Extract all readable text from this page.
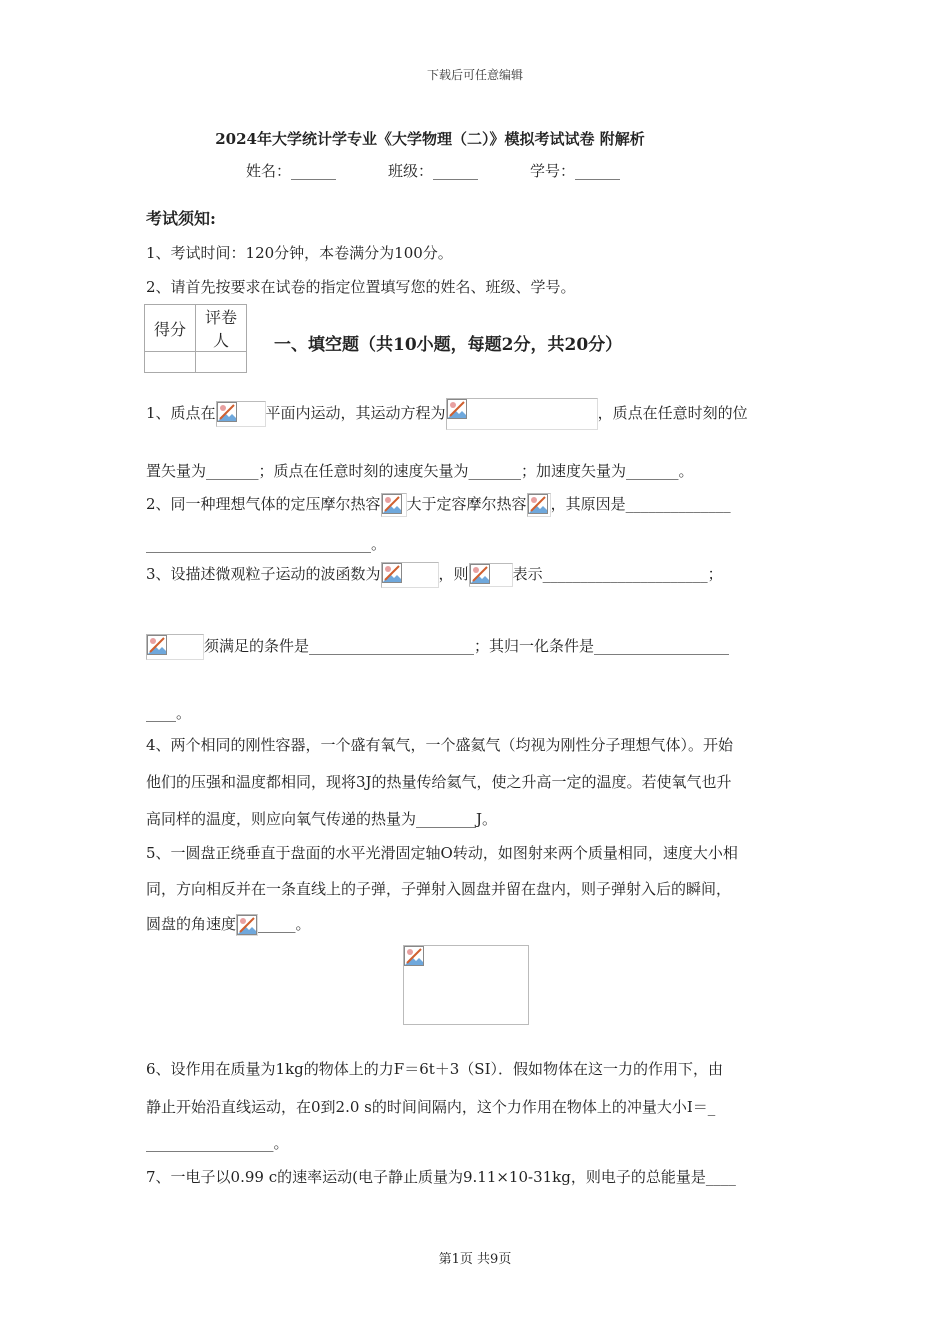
下载后可任意编辑
2024年大学统计学专业《大学物理（二）》模拟考试试卷 附解析
姓名：______	班级：______	学号：______
考试须知:
1、考试时间：120分钟，本卷满分为100分。
2、请首先按要求在试卷的指定位置填写您的姓名、班级、学号。
得分	评卷人
		一、填空题（共10小题，每题2分，共20分）
1、质点在	平面内运动，其运动方程为	，质点在任意时刻的位
置矢量为_______；质点在任意时刻的速度矢量为_______；加速度矢量为_______。
2、同一种理想气体的定压摩尔热容 大于定容摩尔热容 ，其原因是______________
______________________________。
3、设描述微观粒子运动的波函数为	，则	表示______________________；
须满足的条件是______________________；其归一化条件是__________________
____。
4、两个相同的刚性容器，一个盛有氧气，一个盛氦气（均视为刚性分子理想气体）。开始
他们的压强和温度都相同，现将3J的热量传给氦气，使之升高一定的温度。若使氧气也升
高同样的温度，则应向氧气传递的热量为________J。
5、一圆盘正绕垂直于盘面的水平光滑固定轴O转动，如图射来两个质量相同，速度大小相
同，方向相反并在一条直线上的子弹，子弹射入圆盘并留在盘内，则子弹射入后的瞬间，
圆盘的角速度 _____。
6、设作用在质量为1kg的物体上的力F＝6t＋3（SI）．假如物体在这一力的作用下，由
静止开始沿直线运动，在0到2.0 s的时间间隔内，这个力作用在物体上的冲量大小I＝_
_________________。
7、一电子以0.99 c的速率运动(电子静止质量为9.11×10-31kg，则电子的总能量是____
第1页 共9页
